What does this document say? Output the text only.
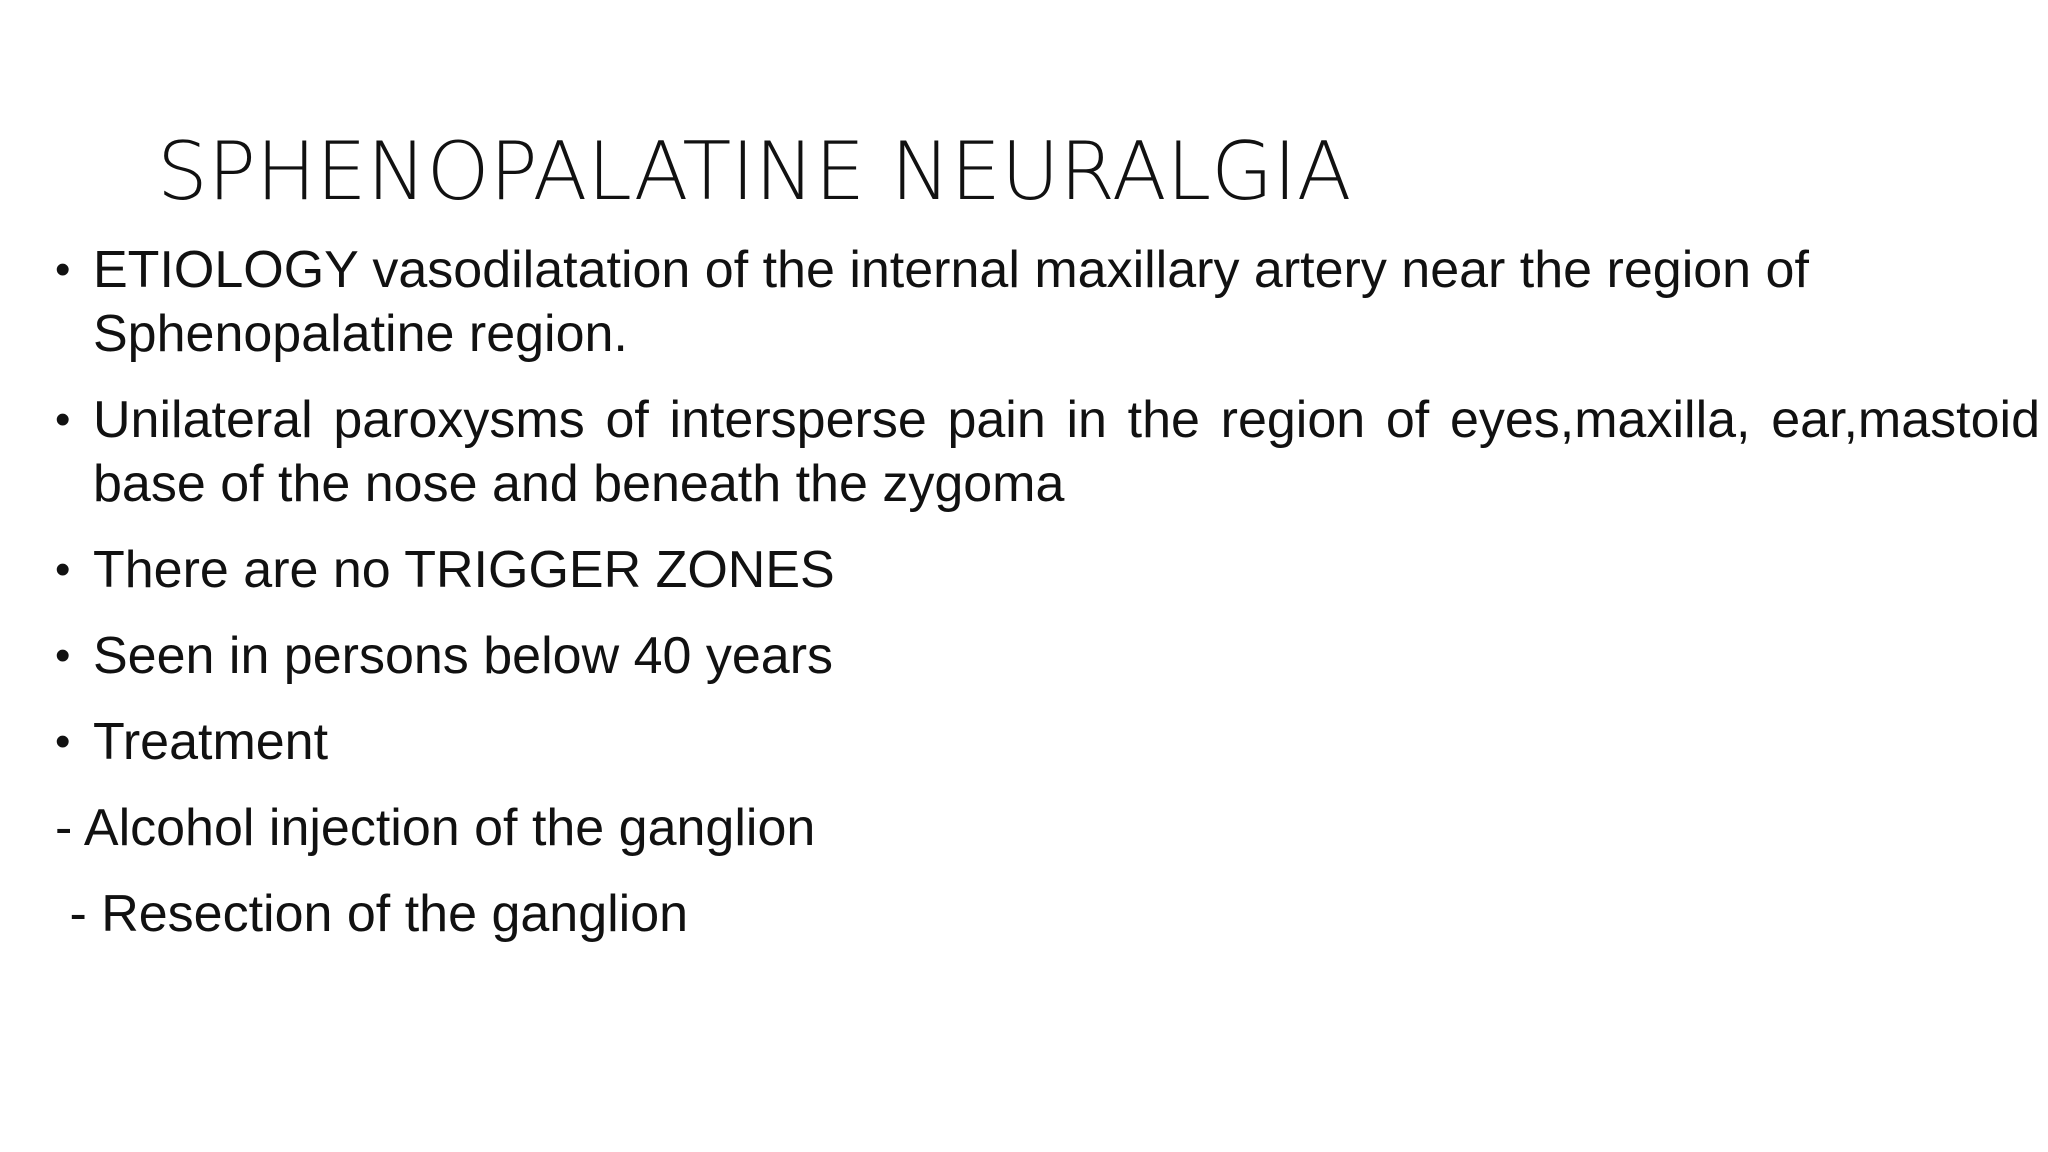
SPHENOPALATINE NEURALGIA
• ETIOLOGY vasodilatation of the internal maxillary artery near the region of Sphenopalatine region.
• Unilateral paroxysms of intersperse pain in the region of eyes,maxilla, ear,mastoid base of the nose and beneath the zygoma
• There are no TRIGGER ZONES
• Seen in persons below 40 years
• Treatment
- Alcohol injection of the ganglion
- Resection of the ganglion
